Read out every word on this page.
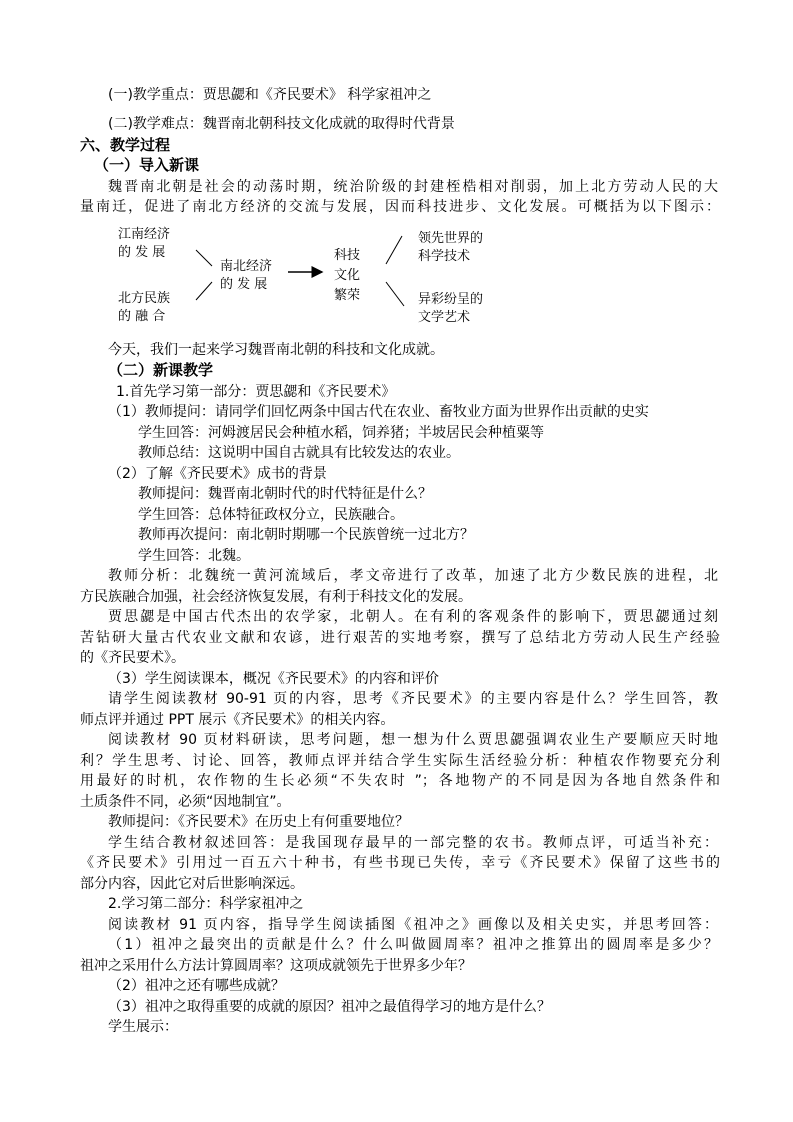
(一)教学重点：贾思勰和《齐民要术》 科学家祖冲之
(二)教学难点：魏晋南北朝科技文化成就的取得时代背景
六、教学过程
（一）导入新课
魏晋南北朝是社会的动荡时期，统治阶级的封建桎梏相对削弱，加上北方劳动人民的大
量南迁，促进了南北方经济的交流与发展，因而科技进步、文化发展。可概括为以下图示：
江南经济
的 发 展
北方民族
的 融 合
南北经济
的 发 展
科技
文化
繁荣
领先世界的
科学技术
异彩纷呈的
文学艺术
今天，我们一起来学习魏晋南北朝的科技和文化成就。
（二）新课教学
1.首先学习第一部分：贾思勰和《齐民要术》
（1）教师提问：请同学们回忆两条中国古代在农业、畜牧业方面为世界作出贡献的史实
学生回答：河姆渡居民会种植水稻，饲养猪；半坡居民会种植粟等
教师总结：这说明中国自古就具有比较发达的农业。
（2）了解《齐民要术》成书的背景
教师提问：魏晋南北朝时代的时代特征是什么？
学生回答：总体特征政权分立，民族融合。
教师再次提问：南北朝时期哪一个民族曾统一过北方？
学生回答：北魏。
教师分析：北魏统一黄河流域后，孝文帝进行了改革，加速了北方少数民族的进程，北
方民族融合加强，社会经济恢复发展，有利于科技文化的发展。
贾思勰是中国古代杰出的农学家，北朝人。在有利的客观条件的影响下，贾思勰通过刻
苦钻研大量古代农业文献和农谚，进行艰苦的实地考察，撰写了总结北方劳动人民生产经验
的《齐民要术》。
（3）学生阅读课本，概况《齐民要术》的内容和评价
请学生阅读教材 90-91 页的内容，思考《齐民要术》的主要内容是什么？学生回答，教
师点评并通过 PPT 展示《齐民要术》的相关内容。
阅读教材 90 页材料研读，思考问题，想一想为什么贾思勰强调农业生产要顺应天时地
利？学生思考、讨论、回答，教师点评并结合学生实际生活经验分析：种植农作物要充分利
用最好的时机，农作物的生长必须“不失农时 ”；各地物产的不同是因为各地自然条件和
土质条件不同，必须“因地制宜”。
教师提问：《齐民要术》在历史上有何重要地位？
学生结合教材叙述回答：是我国现存最早的一部完整的农书。教师点评，可适当补充：
《齐民要术》引用过一百五六十种书，有些书现已失传，幸亏《齐民要术》保留了这些书的
部分内容，因此它对后世影响深远。
2.学习第二部分：科学家祖冲之
阅读教材 91 页内容，指导学生阅读插图《祖冲之》画像以及相关史实，并思考回答：
（1）祖冲之最突出的贡献是什么？什么叫做圆周率？祖冲之推算出的圆周率是多少？
祖冲之采用什么方法计算圆周率？这项成就领先于世界多少年？
（2）祖冲之还有哪些成就？
（3）祖冲之取得重要的成就的原因？祖冲之最值得学习的地方是什么？
学生展示：
